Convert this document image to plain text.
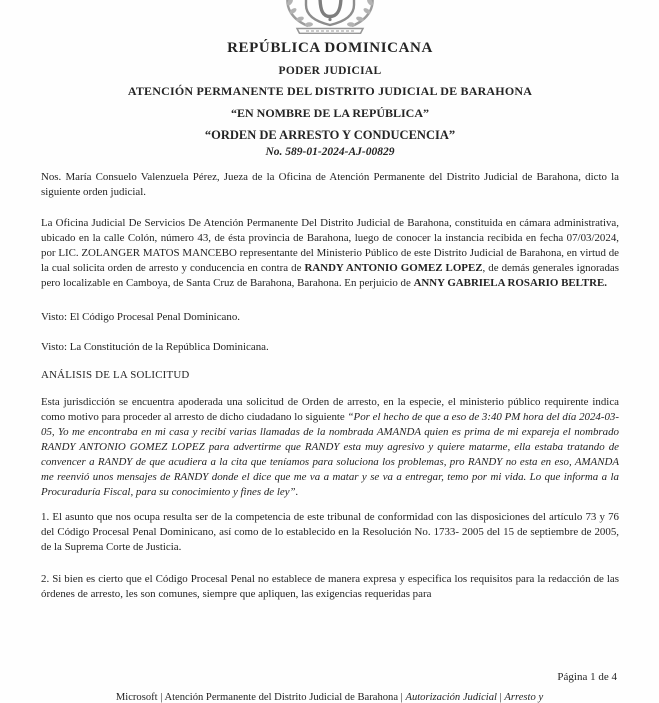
REPÚBLICA DOMINICANA
PODER JUDICIAL
ATENCIÓN PERMANENTE DEL DISTRITO JUDICIAL DE BARAHONA
“EN NOMBRE DE LA REPÚBLICA”
“ORDEN DE ARRESTO Y CONDUCENCIA”
No. 589-01-2024-AJ-00829

Nos. María Consuelo Valenzuela Pérez, Jueza de la Oficina de Atención Permanente del Distrito Judicial de Barahona, dicto la siguiente orden judicial.

La Oficina Judicial De Servicios De Atención Permanente Del Distrito Judicial de Barahona, constituida en cámara administrativa, ubicado en la calle Colón, número 43, de ésta provincia de Barahona, luego de conocer la instancia recibida en fecha 07/03/2024, por LIC. ZOLANGER MATOS MANCEBO representante del Ministerio Público de este Distrito Judicial de Barahona, en virtud de la cual solicita orden de arresto y conducencia en contra de RANDY ANTONIO GOMEZ LOPEZ, de demás generales ignoradas pero localizable en Camboya, de Santa Cruz de Barahona, Barahona. En perjuicio de ANNY GABRIELA ROSARIO BELTRE.

Visto: El Código Procesal Penal Dominicano.

Visto: La Constitución de la República Dominicana.

ANÁLISIS DE LA SOLICITUD

Esta jurisdicción se encuentra apoderada una solicitud de Orden de arresto, en la especie, el ministerio público requirente indica como motivo para proceder al arresto de dicho ciudadano lo siguiente “Por el hecho de que a eso de 3:40 PM hora del día 2024-03-05, Yo me encontraba en mi casa y recibí varias llamadas de la nombrada AMANDA quien es prima de mi expareja el nombrado RANDY ANTONIO GOMEZ LOPEZ para advertirme que RANDY esta muy agresivo y quiere matarme, ella estaba tratando de convencer a RANDY de que acudiera a la cita que teníamos para soluciona los problemas, pro RANDY no esta en eso, AMANDA me reenvió unos mensajes de RANDY donde el dice que me va a matar y se va a entregar, temo por mi vida. Lo que informa a la Procuraduría Fiscal, para su conocimiento y fines de ley”.

1. El asunto que nos ocupa resulta ser de la competencia de este tribunal de conformidad con las disposiciones del artículo 73 y 76 del Código Procesal Penal Dominicano, así como de lo establecido en la Resolución No. 1733- 2005 del 15 de septiembre de 2005, de la Suprema Corte de Justicia.

2. Si bien es cierto que el Código Procesal Penal no establece de manera expresa y especifica los requisitos para la redacción de las órdenes de arresto, les son comunes, siempre que apliquen, las exigencias requeridas para

Página 1 de 4
Microsoft | Atención Permanente del Distrito Judicial de Barahona | Autorización Judicial | Arresto y
